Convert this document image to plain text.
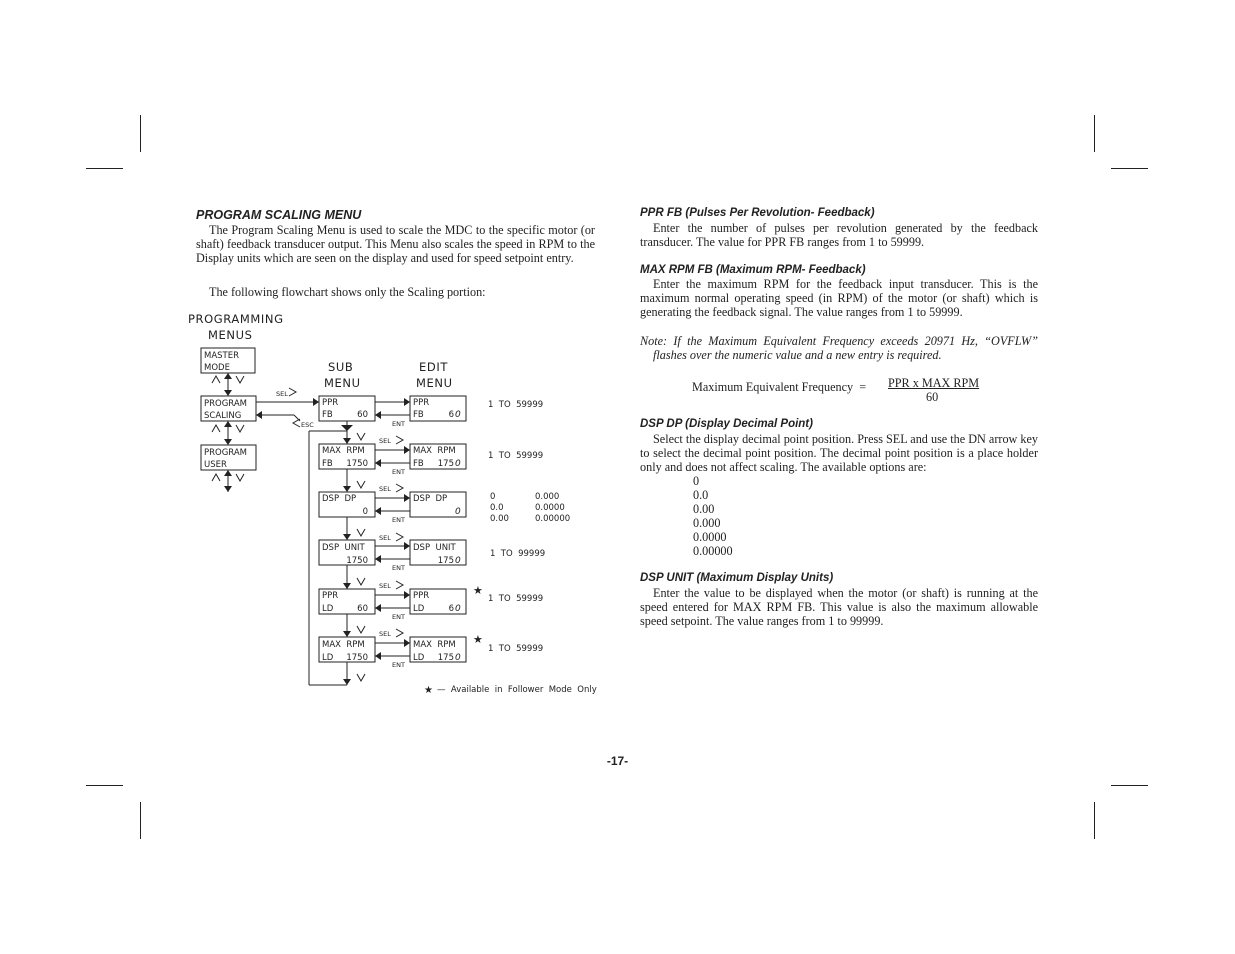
PROGRAM SCALING MENU

The Program Scaling Menu is used to scale the MDC to the specific motor (or shaft) feedback transducer output. This Menu also scales the speed in RPM to the Display units which are seen on the display and used for speed setpoint entry.

The following flowchart shows only the Scaling portion:

★
★
★
PROGRAMMING
MENUS
SUB
MENU
EDIT
MENU
MASTER
MODE
PROGRAM
SCALING
PROGRAM
USER
SEL
ESC
SEL
SEL
SEL
SEL
SEL
ENT
ENT
ENT
ENT
ENT
ENT
PPR
FB	60
PPR
FB	6 0
1  TO  59999
MAX  RPM
FB 1750
MAX  RPM
FB 175 0
1  TO  59999
DSP  DP
0
DSP  DP
0
0
0.0
0.00
0.000
0.0000
0.00000
DSP  UNIT
1750
DSP  UNIT
175 0
1  TO  99999
PPR
LD	60
PPR
LD	6 0
1  TO  59999
MAX  RPM
LD 1750
MAX  RPM
LD 175 0
1  TO  59999
—  Available  in  Follower  Mode  Only
PPR FB (Pulses Per Revolution- Feedback)

Enter the number of pulses per revolution generated by the feedback transducer. The value for PPR FB ranges from 1 to 59999.

MAX RPM FB (Maximum RPM- Feedback)

Enter the maximum RPM for the feedback input transducer. This is the maximum normal operating speed (in RPM) of the motor (or shaft) which is generating the feedback signal. The value ranges from 1 to 59999.

Note: If the Maximum Equivalent Frequency exceeds 20971 Hz, “OVFLW” flashes over the numeric value and a new entry is required.

Maximum Equivalent Frequency  = PPR x MAX RPM
60
DSP DP (Display Decimal Point)

Select the display decimal point position. Press SEL and use the DN arrow key to select the decimal point position. The decimal point position is a place holder only and does not affect scaling. The available options are:

0
0.0
0.00
0.000
0.0000
0.00000
DSP UNIT (Maximum Display Units)

Enter the value to be displayed when the motor (or shaft) is running at the speed entered for MAX RPM FB. This value is also the maximum allowable speed setpoint. The value ranges from 1 to 99999.

-17-
